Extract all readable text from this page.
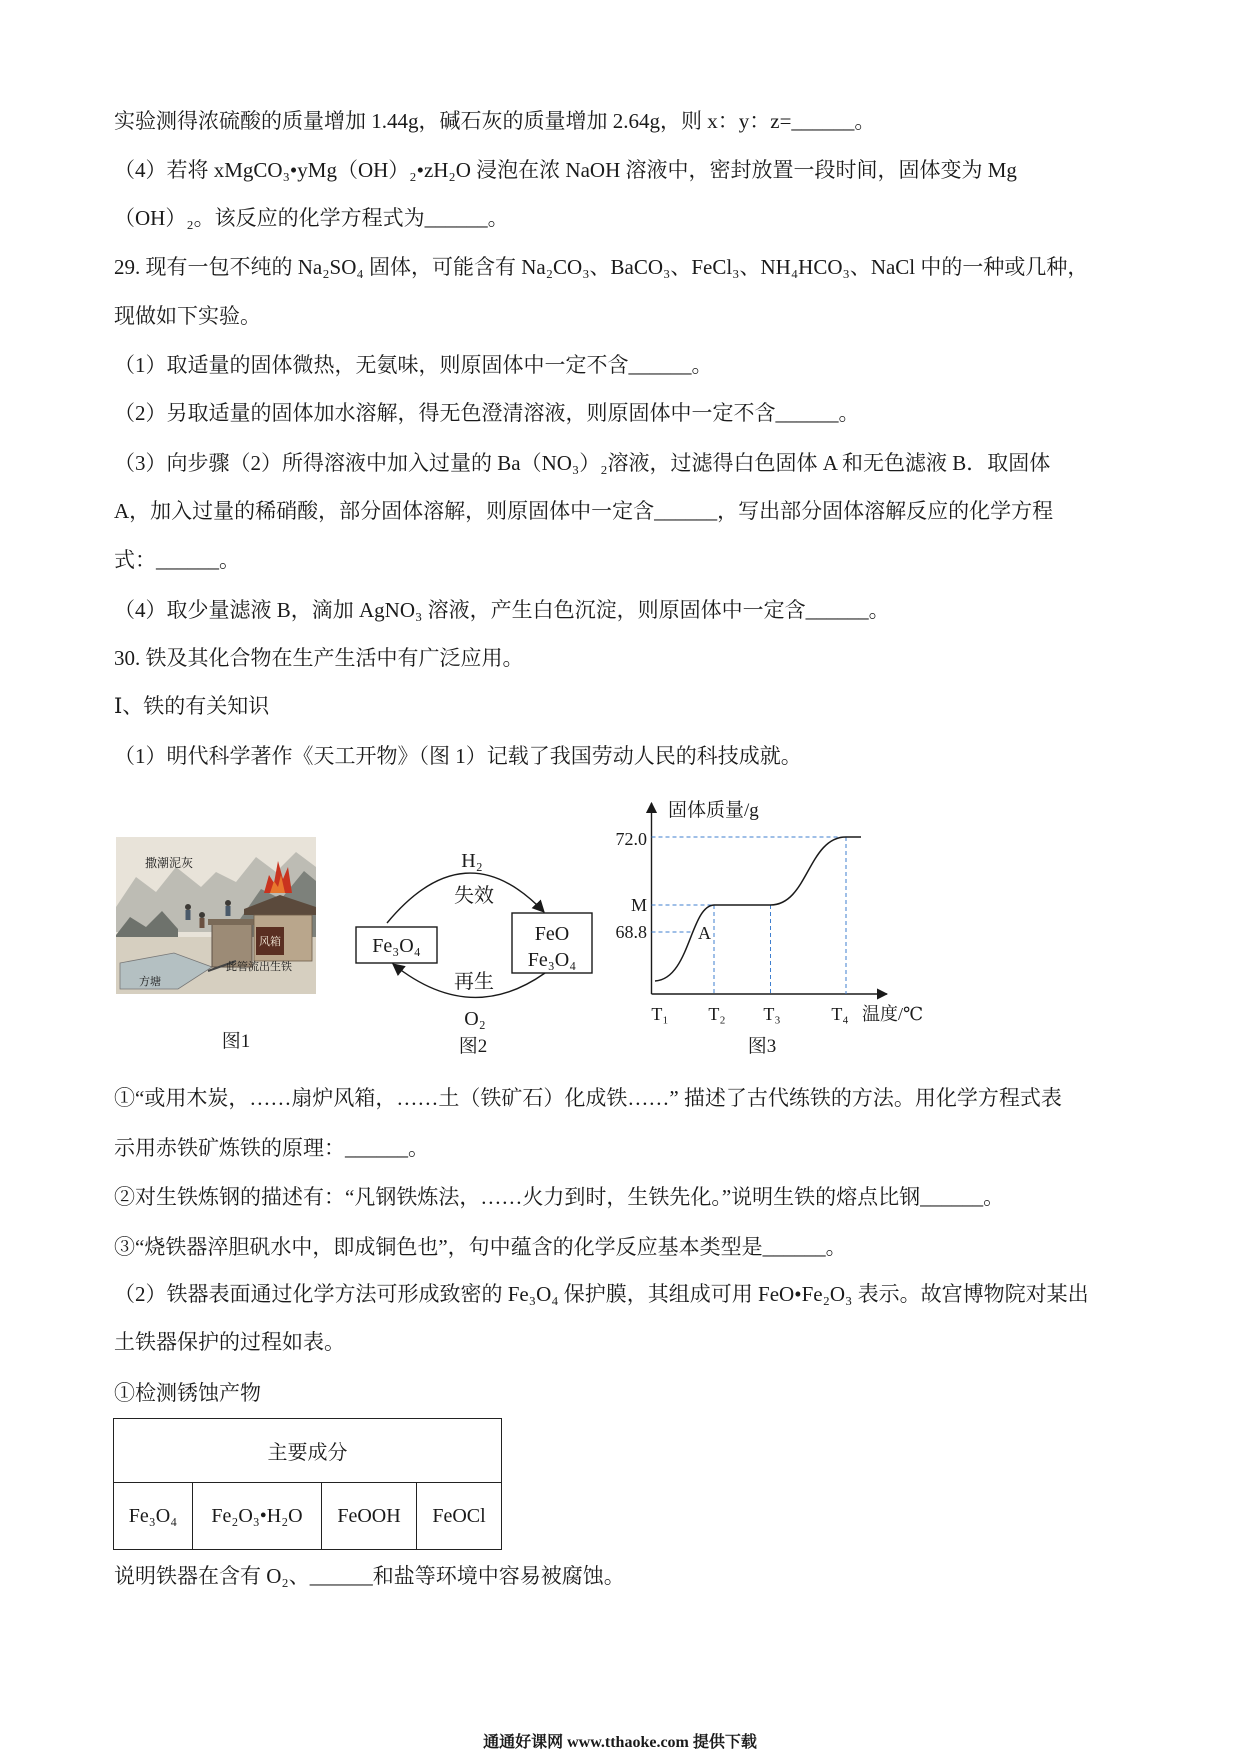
实验测得浓硫酸的质量增加 1.44g，碱石灰的质量增加 2.64g，则 x：y：z=______。
（4）若将 xMgCO₃•yMg（OH）₂•zH₂O 浸泡在浓 NaOH 溶液中，密封放置一段时间，固体变为 Mg
（OH）₂。该反应的化学方程式为______。
29. 现有一包不纯的 Na₂SO₄ 固体，可能含有 Na₂CO₃、BaCO₃、FeCl₃、NH₄HCO₃、NaCl 中的一种或几种，
现做如下实验。
（1）取适量的固体微热，无氨味，则原固体中一定不含______。
（2）另取适量的固体加水溶解，得无色澄清溶液，则原固体中一定不含______。
（3）向步骤（2）所得溶液中加入过量的 Ba（NO₃）₂溶液，过滤得白色固体 A 和无色滤液 B．取固体
A，加入过量的稀硝酸，部分固体溶解，则原固体中一定含______，写出部分固体溶解反应的化学方程
式：______。
（4）取少量滤液 B，滴加 AgNO₃ 溶液，产生白色沉淀，则原固体中一定含______。
30. 铁及其化合物在生产生活中有广泛应用。
Ⅰ、铁的有关知识
（1）明代科学著作《天工开物》（图 1）记载了我国劳动人民的科技成就。
撒潮泥灰
风箱
此管流出生铁
方塘
图1
Fe₃O₄
FeO
Fe₃O₄
H₂
失效
再生
O₂
图2
固体质量/g
72.0
M
68.8	A
T₁ T₂ T₃	T₄ 温度/℃
图3
①“或用木炭，……扇炉风箱，……土（铁矿石）化成铁……” 描述了古代练铁的方法。用化学方程式表
示用赤铁矿炼铁的原理：______。
②对生铁炼钢的描述有：“凡钢铁炼法，……火力到时，生铁先化。”说明生铁的熔点比钢______。
③“烧铁器淬胆矾水中，即成铜色也”，句中蕴含的化学反应基本类型是______。
（2）铁器表面通过化学方法可形成致密的 Fe₃O₄ 保护膜，其组成可用 FeO•Fe₂O₃ 表示。故宫博物院对某出
土铁器保护的过程如表。
①检测锈蚀产物
主要成分
Fe₃O₄	Fe₂O₃•H₂O	FeOOH	FeOCl
说明铁器在含有 O₂、______和盐等环境中容易被腐蚀。
通通好课网 www.tthaoke.com 提供下载
